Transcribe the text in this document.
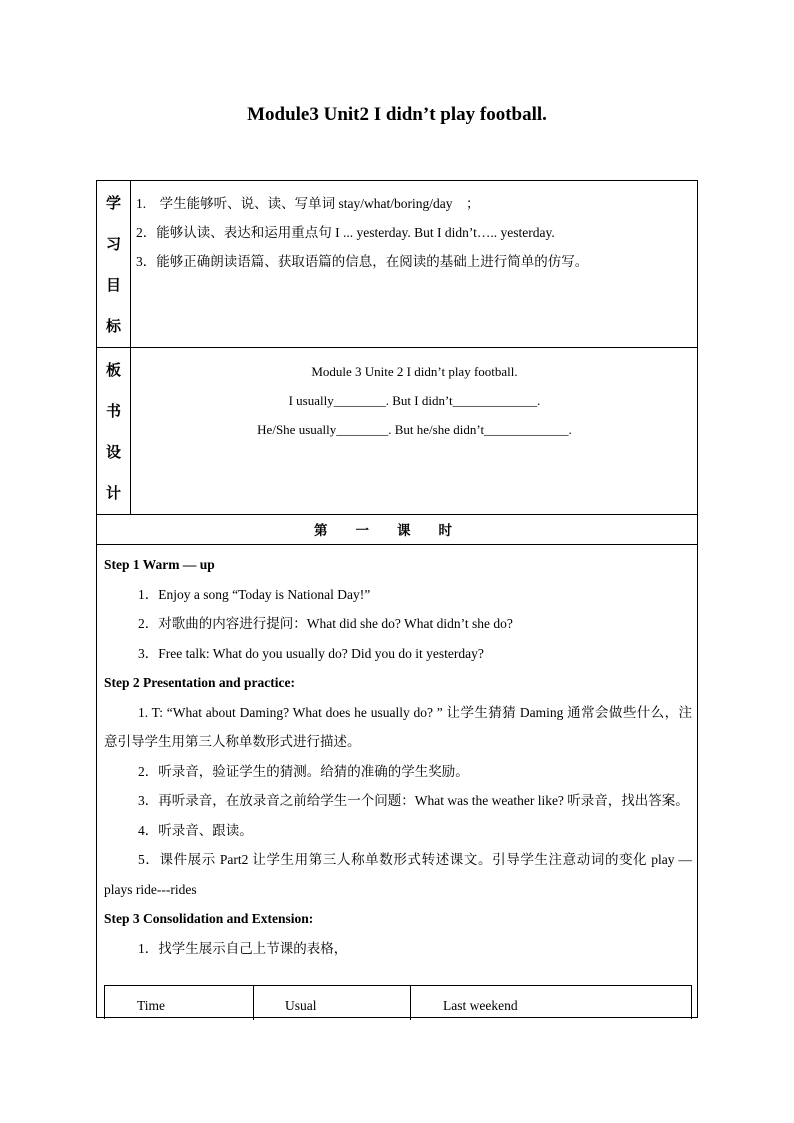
Module3 Unit2 I didn’t play football.
学
习
目
标
1.　学生能够听、说、读、写单词 stay/what/boring/day　；
2．能够认读、表达和运用重点句 I ... yesterday. But I didn’t….. yesterday.
3．能够正确朗读语篇、获取语篇的信息，在阅读的基础上进行简单的仿写。
板
书
设
计
Module 3 Unite 2 I didn’t play football.
I usually________. But I didn’t_____________.
He/She usually________. But he/she didn’t_____________.
第一课时
Step 1 Warm — up
1．Enjoy a song “Today is National Day!”
2．对歌曲的内容进行提问：What did she do? What didn’t she do?
3．Free talk: What do you usually do? Did you do it yesterday?
Step 2 Presentation and practice:
1. T: “What about Daming? What does he usually do? ” 让学生猜猜 Daming 通常会做些什么，注意引导学生用第三人称单数形式进行描述。
2．听录音，验证学生的猜测。给猜的准确的学生奖励。
3．再听录音，在放录音之前给学生一个问题：What was the weather like? 听录音，找出答案。
4．听录音、跟读。
5．课件展示 Part2 让学生用第三人称单数形式转述课文。引导学生注意动词的变化 play — plays ride---rides
Step 3 Consolidation and Extension:
1．找学生展示自己上节课的表格，
Time	Usual	Last weekend
